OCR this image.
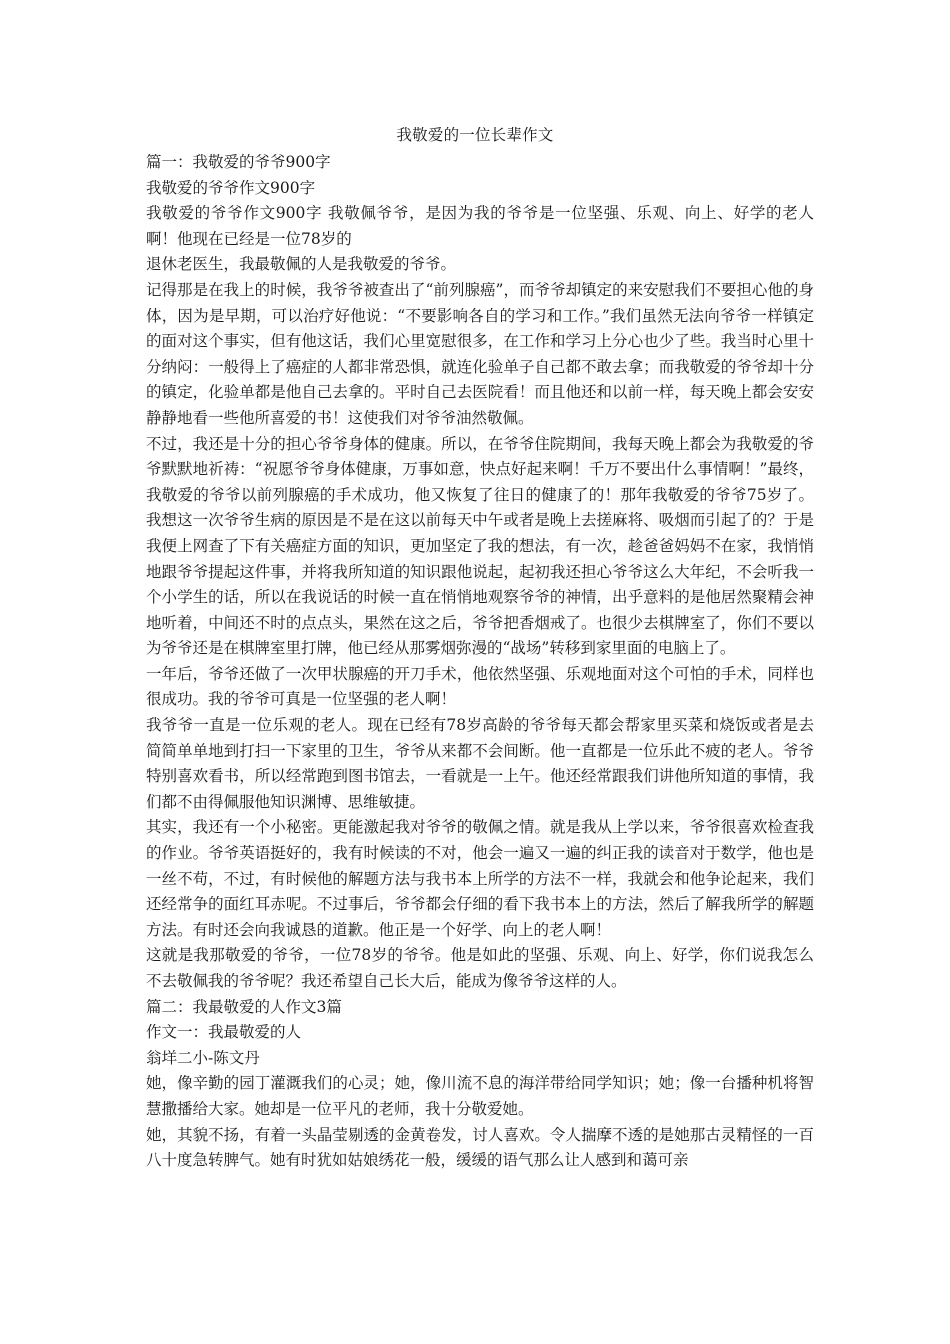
我敬爱的一位长辈作文

篇一：我敬爱的爷爷900字

我敬爱的爷爷作文900字

我敬爱的爷爷作文900字 我敬佩爷爷，是因为我的爷爷是一位坚强、乐观、向上、好学的老人啊！他现在已经是一位78岁的

退休老医生，我最敬佩的人是我敬爱的爷爷。

记得那是在我上的时候，我爷爷被查出了“前列腺癌”，而爷爷却镇定的来安慰我们不要担心他的身体，因为是早期，可以治疗好他说：“不要影响各自的学习和工作。”我们虽然无法向爷爷一样镇定的面对这个事实，但有他这话，我们心里宽慰很多，在工作和学习上分心也少了些。我当时心里十分纳闷：一般得上了癌症的人都非常恐惧，就连化验单子自己都不敢去拿；而我敬爱的爷爷却十分的镇定，化验单都是他自己去拿的。平时自己去医院看！而且他还和以前一样，每天晚上都会安安静静地看一些他所喜爱的书！这使我们对爷爷油然敬佩。

不过，我还是十分的担心爷爷身体的健康。所以，在爷爷住院期间，我每天晚上都会为我敬爱的爷爷默默地祈祷：“祝愿爷爷身体健康，万事如意，快点好起来啊！千万不要出什么事情啊！”最终，我敬爱的爷爷以前列腺癌的手术成功，他又恢复了往日的健康了的！那年我敬爱的爷爷75岁了。我想这一次爷爷生病的原因是不是在这以前每天中午或者是晚上去搓麻将、吸烟而引起了的？于是我便上网查了下有关癌症方面的知识，更加坚定了我的想法，有一次，趁爸爸妈妈不在家，我悄悄地跟爷爷提起这件事，并将我所知道的知识跟他说起，起初我还担心爷爷这么大年纪，不会听我一个小学生的话，所以在我说话的时候一直在悄悄地观察爷爷的神情，出乎意料的是他居然聚精会神地听着，中间还不时的点点头，果然在这之后，爷爷把香烟戒了。也很少去棋牌室了，你们不要以为爷爷还是在棋牌室里打牌，他已经从那雾烟弥漫的“战场”转移到家里面的电脑上了。

一年后，爷爷还做了一次甲状腺癌的开刀手术，他依然坚强、乐观地面对这个可怕的手术，同样也很成功。我的爷爷可真是一位坚强的老人啊！

我爷爷一直是一位乐观的老人。现在已经有78岁高龄的爷爷每天都会帮家里买菜和烧饭或者是去简简单单地到打扫一下家里的卫生，爷爷从来都不会间断。他一直都是一位乐此不疲的老人。爷爷特别喜欢看书，所以经常跑到图书馆去，一看就是一上午。他还经常跟我们讲他所知道的事情，我们都不由得佩服他知识渊博、思维敏捷。

其实，我还有一个小秘密。更能激起我对爷爷的敬佩之情。就是我从上学以来，爷爷很喜欢检查我的作业。爷爷英语挺好的，我有时候读的不对，他会一遍又一遍的纠正我的读音对于数学，他也是一丝不苟，不过，有时候他的解题方法与我书本上所学的方法不一样，我就会和他争论起来，我们还经常争的面红耳赤呢。不过事后，爷爷都会仔细的看下我书本上的方法，然后了解我所学的解题方法。有时还会向我诚恳的道歉。他正是一个好学、向上的老人啊！

这就是我那敬爱的爷爷，一位78岁的爷爷。他是如此的坚强、乐观、向上、好学，你们说我怎么不去敬佩我的爷爷呢？我还希望自己长大后，能成为像爷爷这样的人。

篇二：我最敬爱的人作文3篇

作文一：我最敬爱的人

翁垟二小-陈文丹

她，像辛勤的园丁灌溉我们的心灵；她，像川流不息的海洋带给同学知识；她；像一台播种机将智慧撒播给大家。她却是一位平凡的老师，我十分敬爱她。

她，其貌不扬，有着一头晶莹剔透的金黄卷发，讨人喜欢。令人揣摩不透的是她那古灵精怪的一百八十度急转脾气。她有时犹如姑娘绣花一般，缓缓的语气那么让人感到和蔼可亲
